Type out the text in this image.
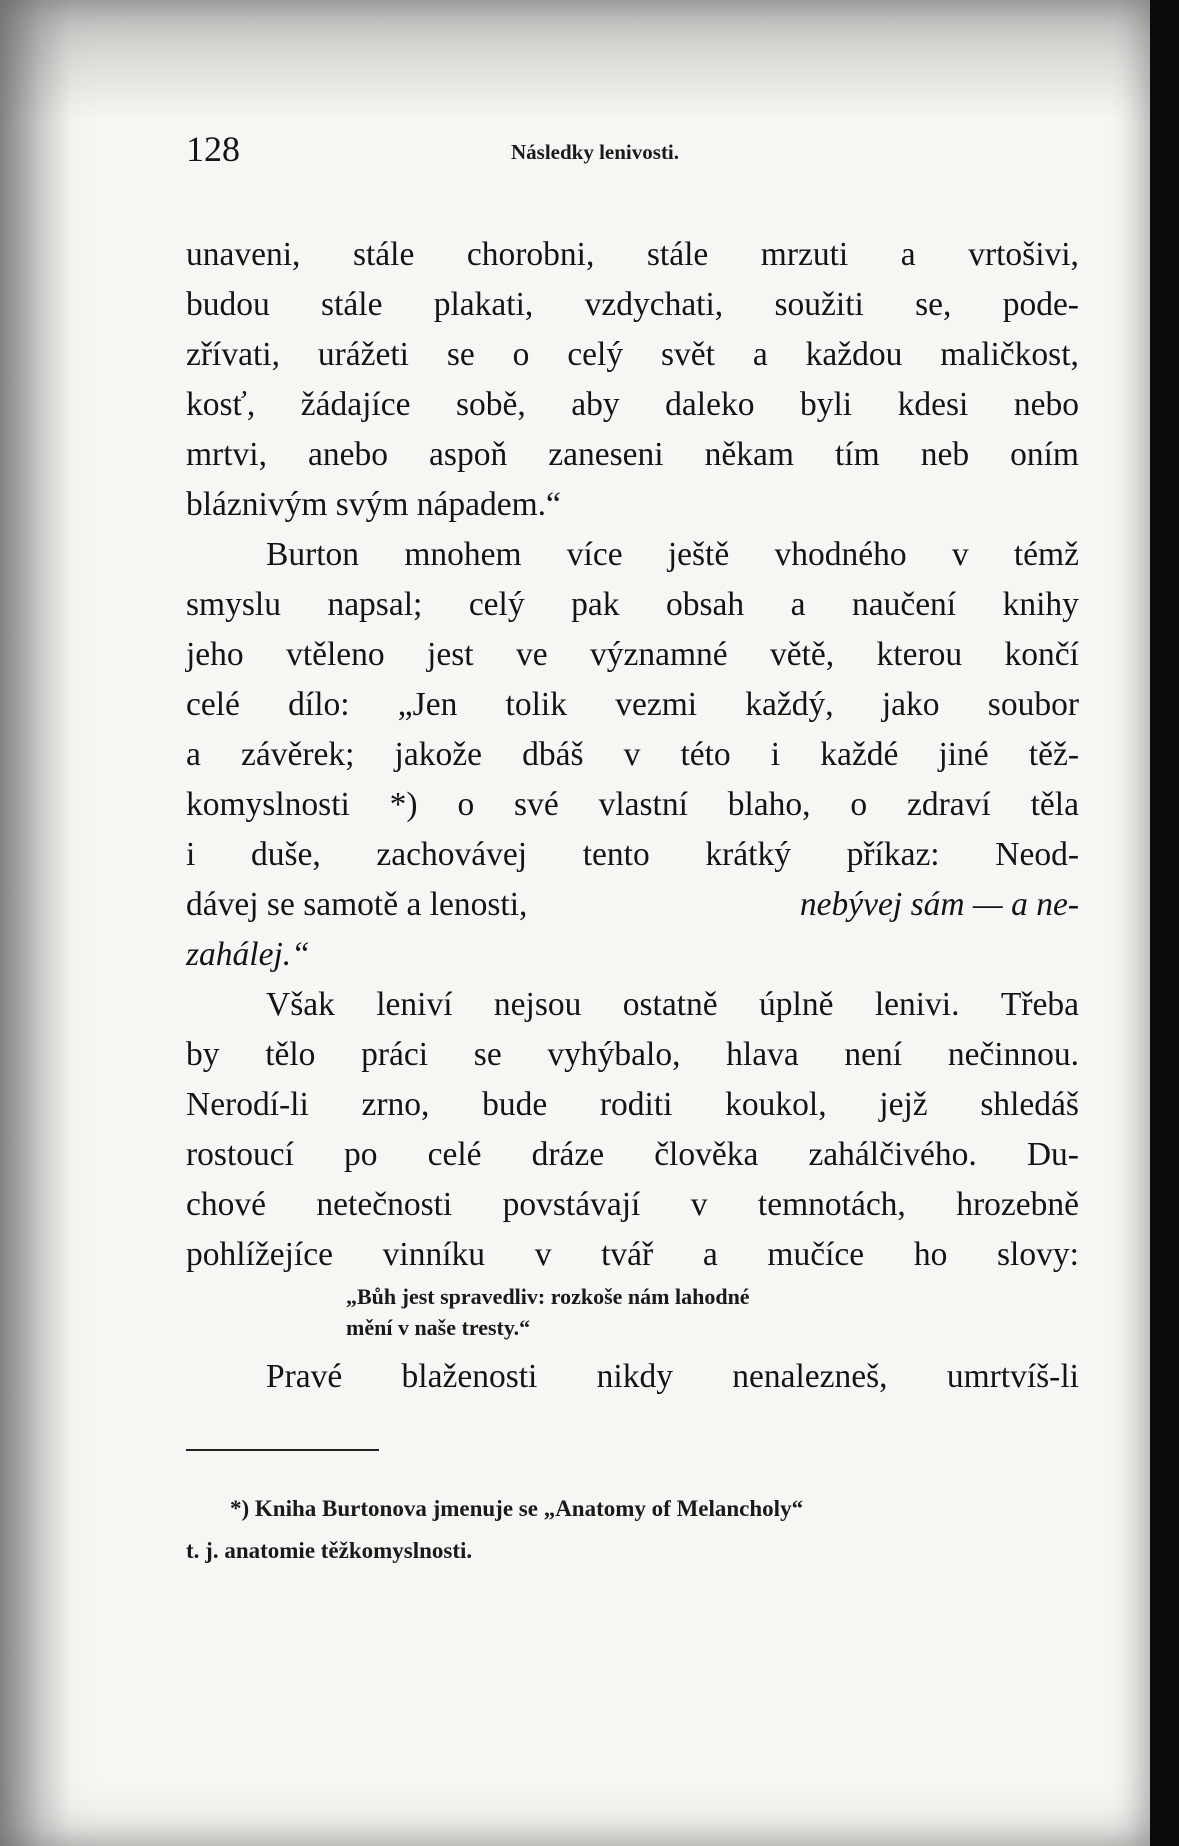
128	Následky lenivosti.
unaveni, stále chorobni, stále mrzuti a vrtošivi,
budou stále plakati, vzdychati, soužiti se, pode-
zřívati, urážeti se o celý svět a každou maličkost,
kosť, žádajíce sobě, aby daleko byli kdesi nebo
mrtvi, anebo aspoň zaneseni někam tím neb oním
bláznivým svým nápadem.“
Burton mnohem více ještě vhodného v témž
smyslu napsal; celý pak obsah a naučení knihy
jeho vtěleno jest ve významné větě, kterou končí
celé dílo: „Jen tolik vezmi každý, jako soubor
a závěrek; jakože dbáš v této i každé jiné těž-
komyslnosti *) o své vlastní blaho, o zdraví těla
i duše, zachovávej tento krátký příkaz: Neod-
dávej se samotě a lenosti,	nebývej sám — a ne-
zahálej.“
Však leniví nejsou ostatně úplně lenivi. Třeba
by tělo práci se vyhýbalo, hlava není nečinnou.
Nerodí-li zrno, bude roditi koukol, jejž shledáš
rostoucí po celé dráze člověka zahálčivého. Du-
chové netečnosti povstávají v temnotách, hrozebně
pohlížejíce vinníku v tvář a mučíce ho slovy:
„Bůh jest spravedliv: rozkoše nám lahodné
mění v naše tresty.“
Pravé blaženosti nikdy nenalezneš, umrtvíš-li
*) Kniha Burtonova jmenuje se „Anatomy of Melancholy“
t. j. anatomie těžkomyslnosti.
